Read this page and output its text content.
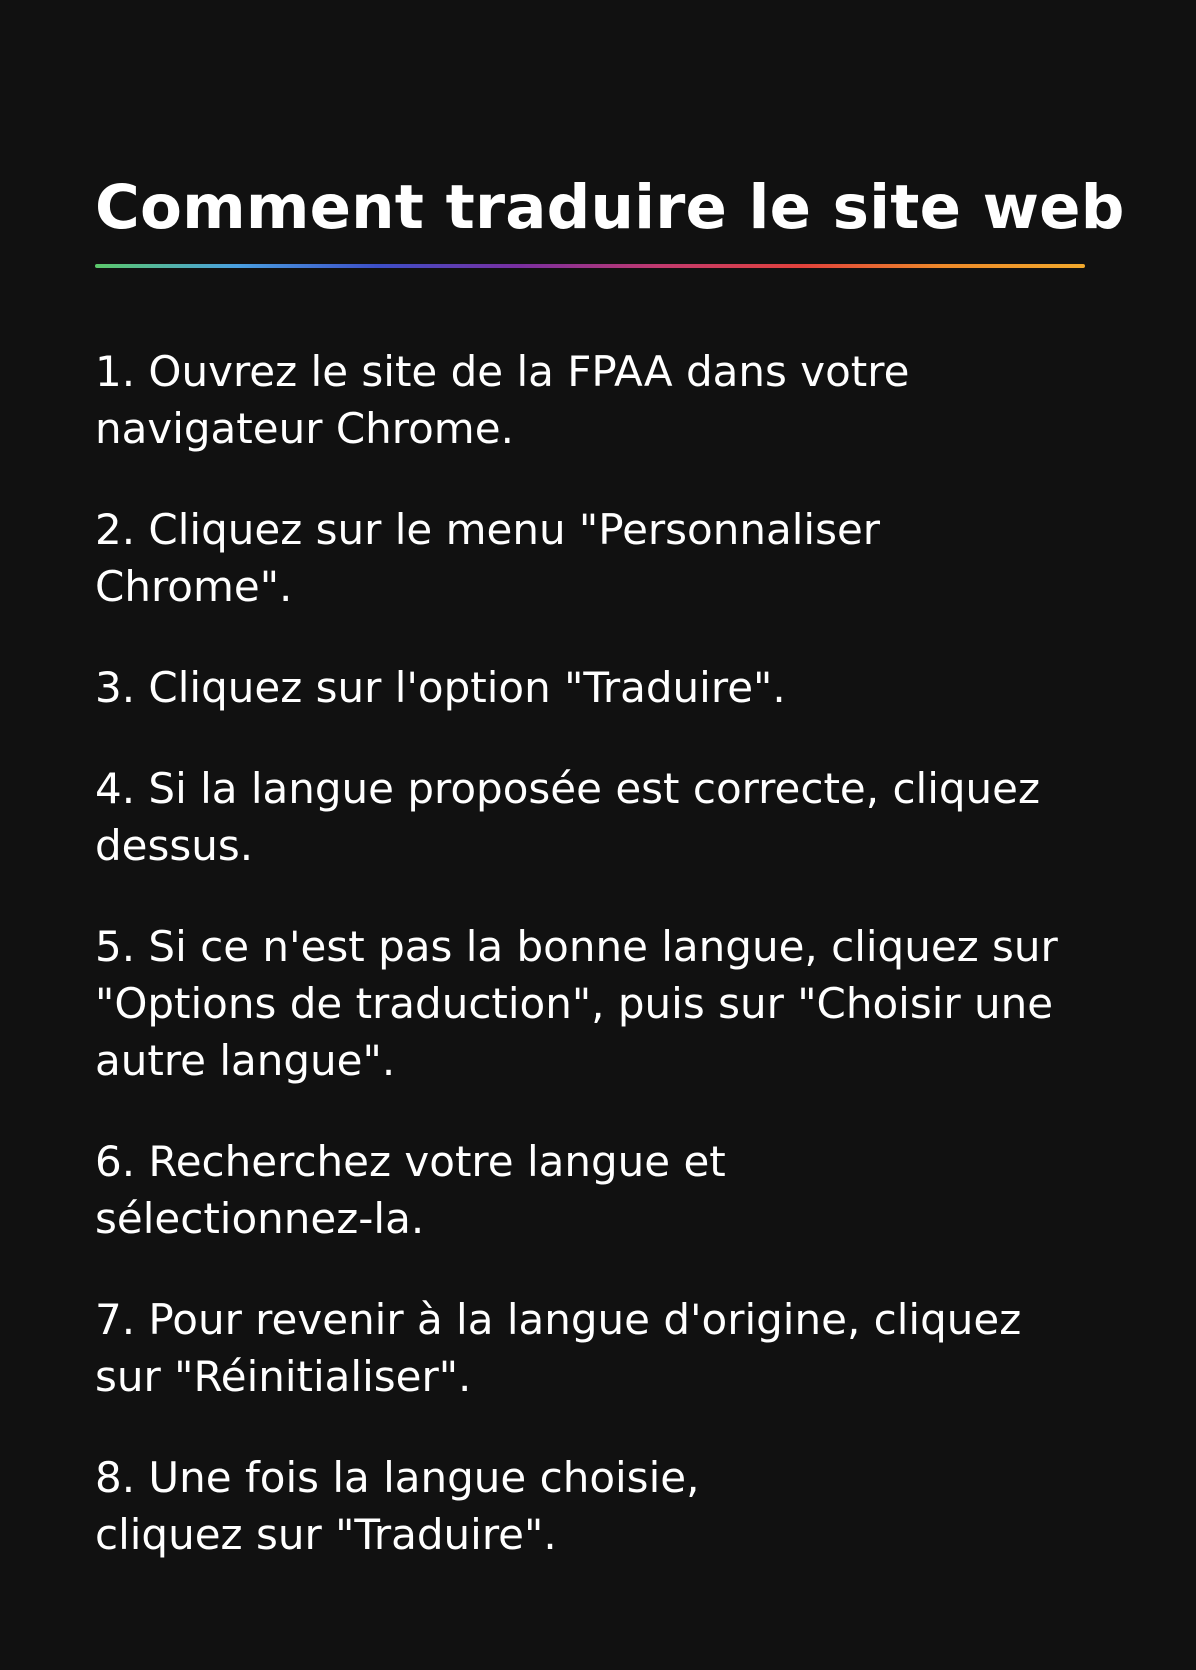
Comment traduire le site web
1. Ouvrez le site de la FPAA dans votre
navigateur Chrome.
2. Cliquez sur le menu "Personnaliser
Chrome".
3. Cliquez sur l'option "Traduire".
4. Si la langue proposée est correcte, cliquez
dessus.
5. Si ce n'est pas la bonne langue, cliquez sur
"Options de traduction", puis sur "Choisir une
autre langue".
6. Recherchez votre langue et
sélectionnez-la.
7. Pour revenir à la langue d'origine, cliquez
sur "Réinitialiser".
8. Une fois la langue choisie,
cliquez sur "Traduire".
